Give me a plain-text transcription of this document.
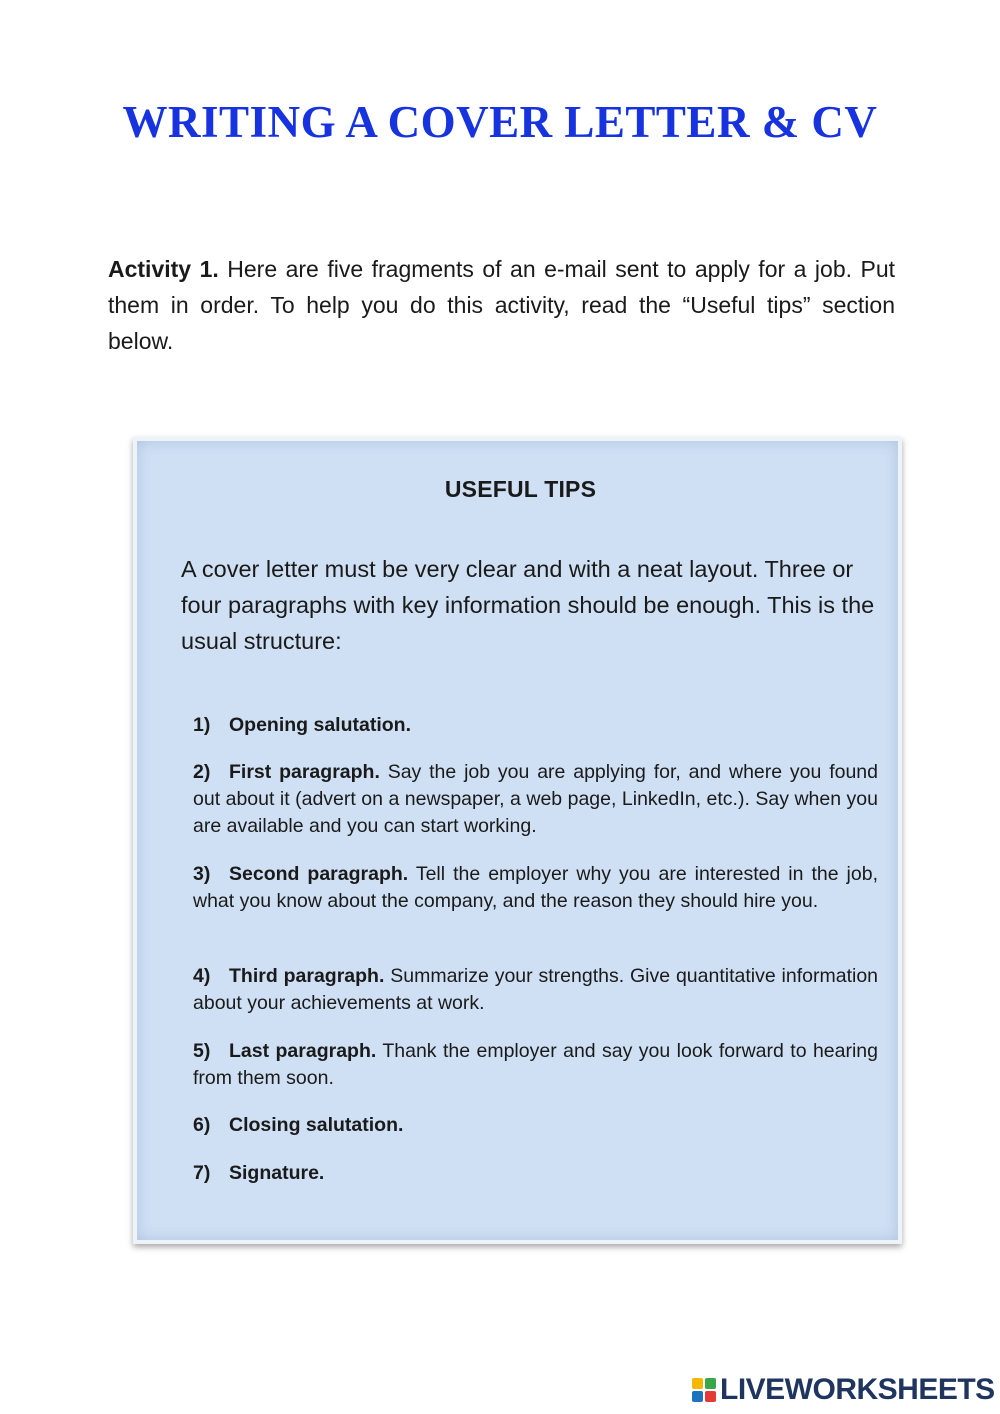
WRITING A COVER LETTER & CV

Activity 1. Here are five fragments of an e-mail sent to apply for a job. Put them in order. To help you do this activity, read the “Useful tips” section below.

USEFUL TIPS

A cover letter must be very clear and with a neat layout. Three or four paragraphs with key information should be enough. This is the usual structure:

1) Opening salutation.

2) First paragraph. Say the job you are applying for, and where you found out about it (advert on a newspaper, a web page, LinkedIn, etc.). Say when you are available and you can start working.

3) Second paragraph. Tell the employer why you are interested in the job, what you know about the company, and the reason they should hire you.

4) Third paragraph. Summarize your strengths. Give quantitative information about your achievements at work.

5) Last paragraph. Thank the employer and say you look forward to hearing from them soon.

6) Closing salutation.

7) Signature.

LIVEWORKSHEETS
